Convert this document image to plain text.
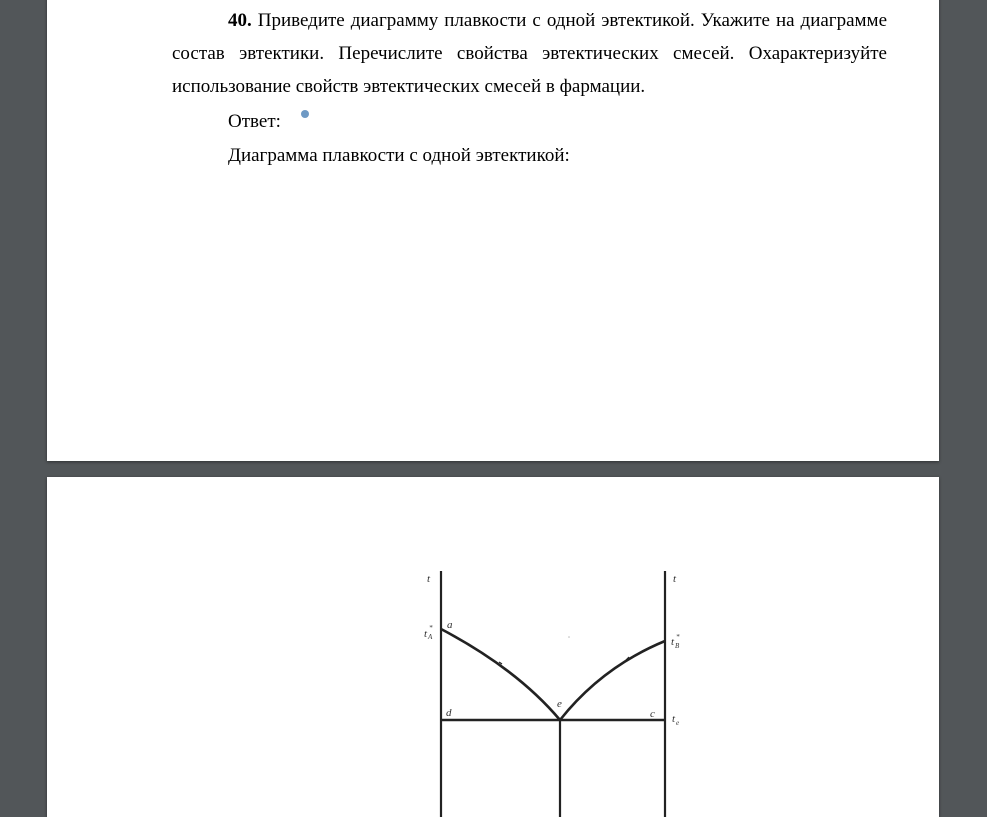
40. Приведите диаграмму плавкости с одной эвтектикой. Укажите на диаграмме состав эвтектики. Перечислите свойства эвтектических смесей. Охарактеризуйте использование свойств эвтектических смесей в фармации.

Ответ:
Диаграмма плавкости с одной эвтектикой:
t	t
t A
* a
t B
*
d
e
c t e
